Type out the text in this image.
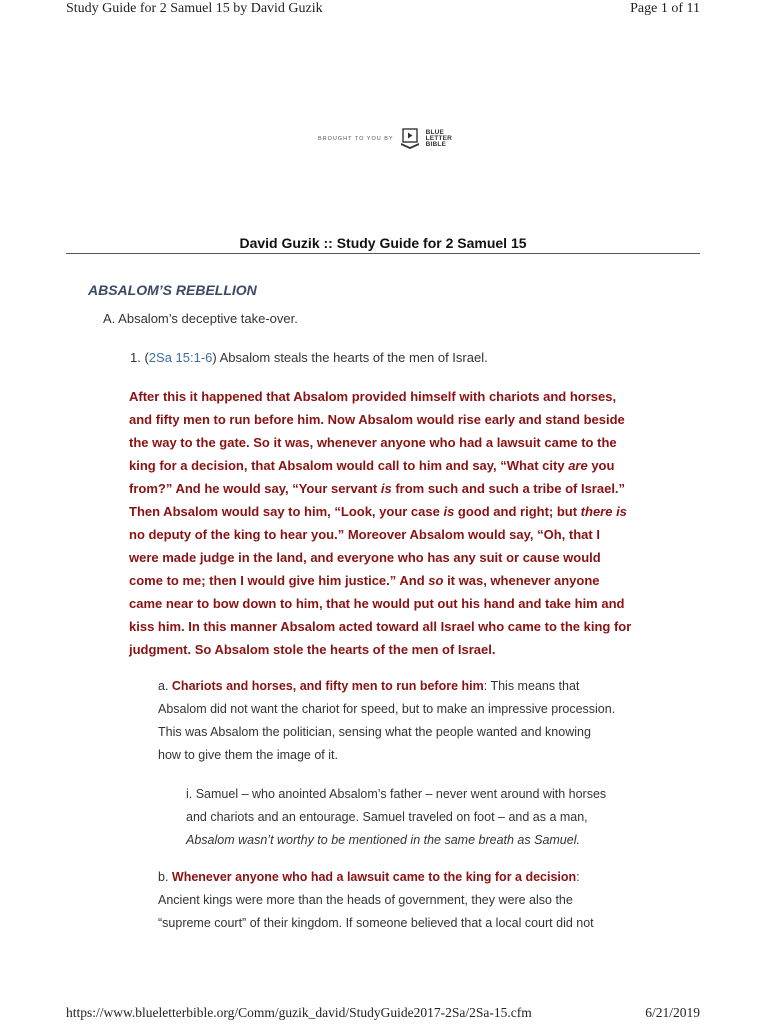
Study Guide for 2 Samuel 15 by David Guzik	Page 1 of 11
BROUGHT TO YOU BY
BLUE
LETTER
BIBLE
David Guzik :: Study Guide for 2 Samuel 15
ABSALOM’S REBELLION
A. Absalom’s deceptive take-over.
1. (2Sa 15:1-6) Absalom steals the hearts of the men of Israel.

After this it happened that Absalom provided himself with chariots and horses,

and fifty men to run before him. Now Absalom would rise early and stand beside

the way to the gate. So it was, whenever anyone who had a lawsuit came to the

king for a decision, that Absalom would call to him and say, “What city are you

from?” And he would say, “Your servant is from such and such a tribe of Israel.”

Then Absalom would say to him, “Look, your case is good and right; but there is

no deputy of the king to hear you.” Moreover Absalom would say, “Oh, that I

were made judge in the land, and everyone who has any suit or cause would

come to me; then I would give him justice.” And so it was, whenever anyone

came near to bow down to him, that he would put out his hand and take him and

kiss him. In this manner Absalom acted toward all Israel who came to the king for

judgment. So Absalom stole the hearts of the men of Israel.

a. Chariots and horses, and fifty men to run before him: This means that

Absalom did not want the chariot for speed, but to make an impressive procession.

This was Absalom the politician, sensing what the people wanted and knowing

how to give them the image of it.

i. Samuel – who anointed Absalom’s father – never went around with horses

and chariots and an entourage. Samuel traveled on foot – and as a man,

Absalom wasn’t worthy to be mentioned in the same breath as Samuel.

b. Whenever anyone who had a lawsuit came to the king for a decision:

Ancient kings were more than the heads of government, they were also the

“supreme court” of their kingdom. If someone believed that a local court did not

https://www.blueletterbible.org/Comm/guzik_david/StudyGuide2017-2Sa/2Sa-15.cfm	6/21/2019
